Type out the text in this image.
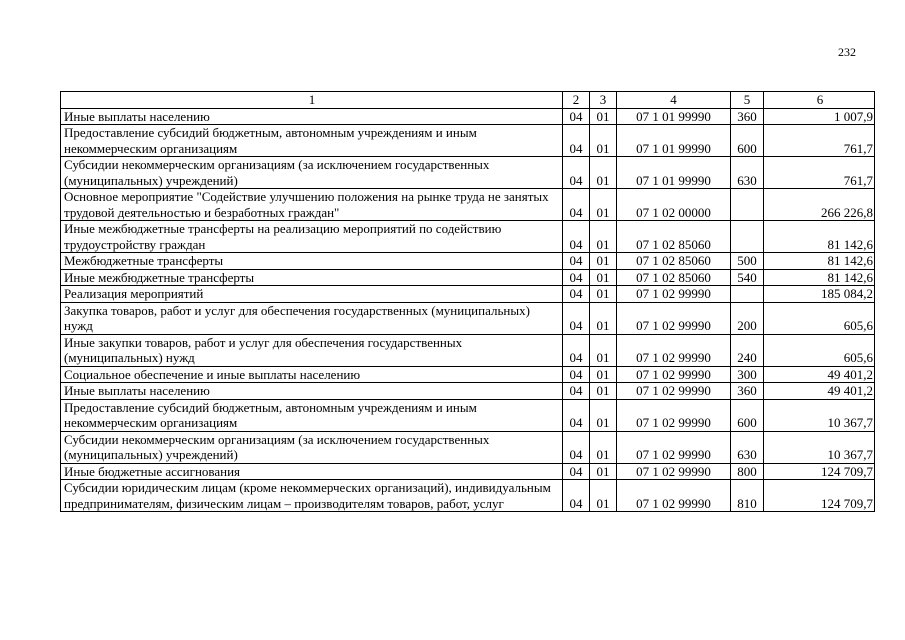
232
1	2	3	4	5	6
Иные выплаты населению	04	01	07 1 01 99990	360	1 007,9
Предоставление субсидий бюджетным, автономным учреждениям и иным некоммерческим организациям	04	01	07 1 01 99990	600	761,7
Субсидии некоммерческим организациям (за исключением государственных (муниципальных) учреждений)	04	01	07 1 01 99990	630	761,7
Основное мероприятие "Содействие улучшению положения на рынке труда не занятых трудовой деятельностью и безработных граждан"	04	01	07 1 02 00000		266 226,8
Иные межбюджетные трансферты на реализацию мероприятий по содействию трудоустройству граждан	04	01	07 1 02 85060		81 142,6
Межбюджетные трансферты	04	01	07 1 02 85060	500	81 142,6
Иные межбюджетные трансферты	04	01	07 1 02 85060	540	81 142,6
Реализация мероприятий	04	01	07 1 02 99990		185 084,2
Закупка товаров, работ и услуг для обеспечения государственных (муниципальных) нужд	04	01	07 1 02 99990	200	605,6
Иные закупки товаров, работ и услуг для обеспечения государственных (муниципальных) нужд	04	01	07 1 02 99990	240	605,6
Социальное обеспечение и иные выплаты населению	04	01	07 1 02 99990	300	49 401,2
Иные выплаты населению	04	01	07 1 02 99990	360	49 401,2
Предоставление субсидий бюджетным, автономным учреждениям и иным некоммерческим организациям	04	01	07 1 02 99990	600	10 367,7
Субсидии некоммерческим организациям (за исключением государственных (муниципальных) учреждений)	04	01	07 1 02 99990	630	10 367,7
Иные бюджетные ассигнования	04	01	07 1 02 99990	800	124 709,7
Субсидии юридическим лицам (кроме некоммерческих организаций), индивидуальным предпринимателям, физическим лицам – производителям товаров, работ, услуг	04	01	07 1 02 99990	810	124 709,7
